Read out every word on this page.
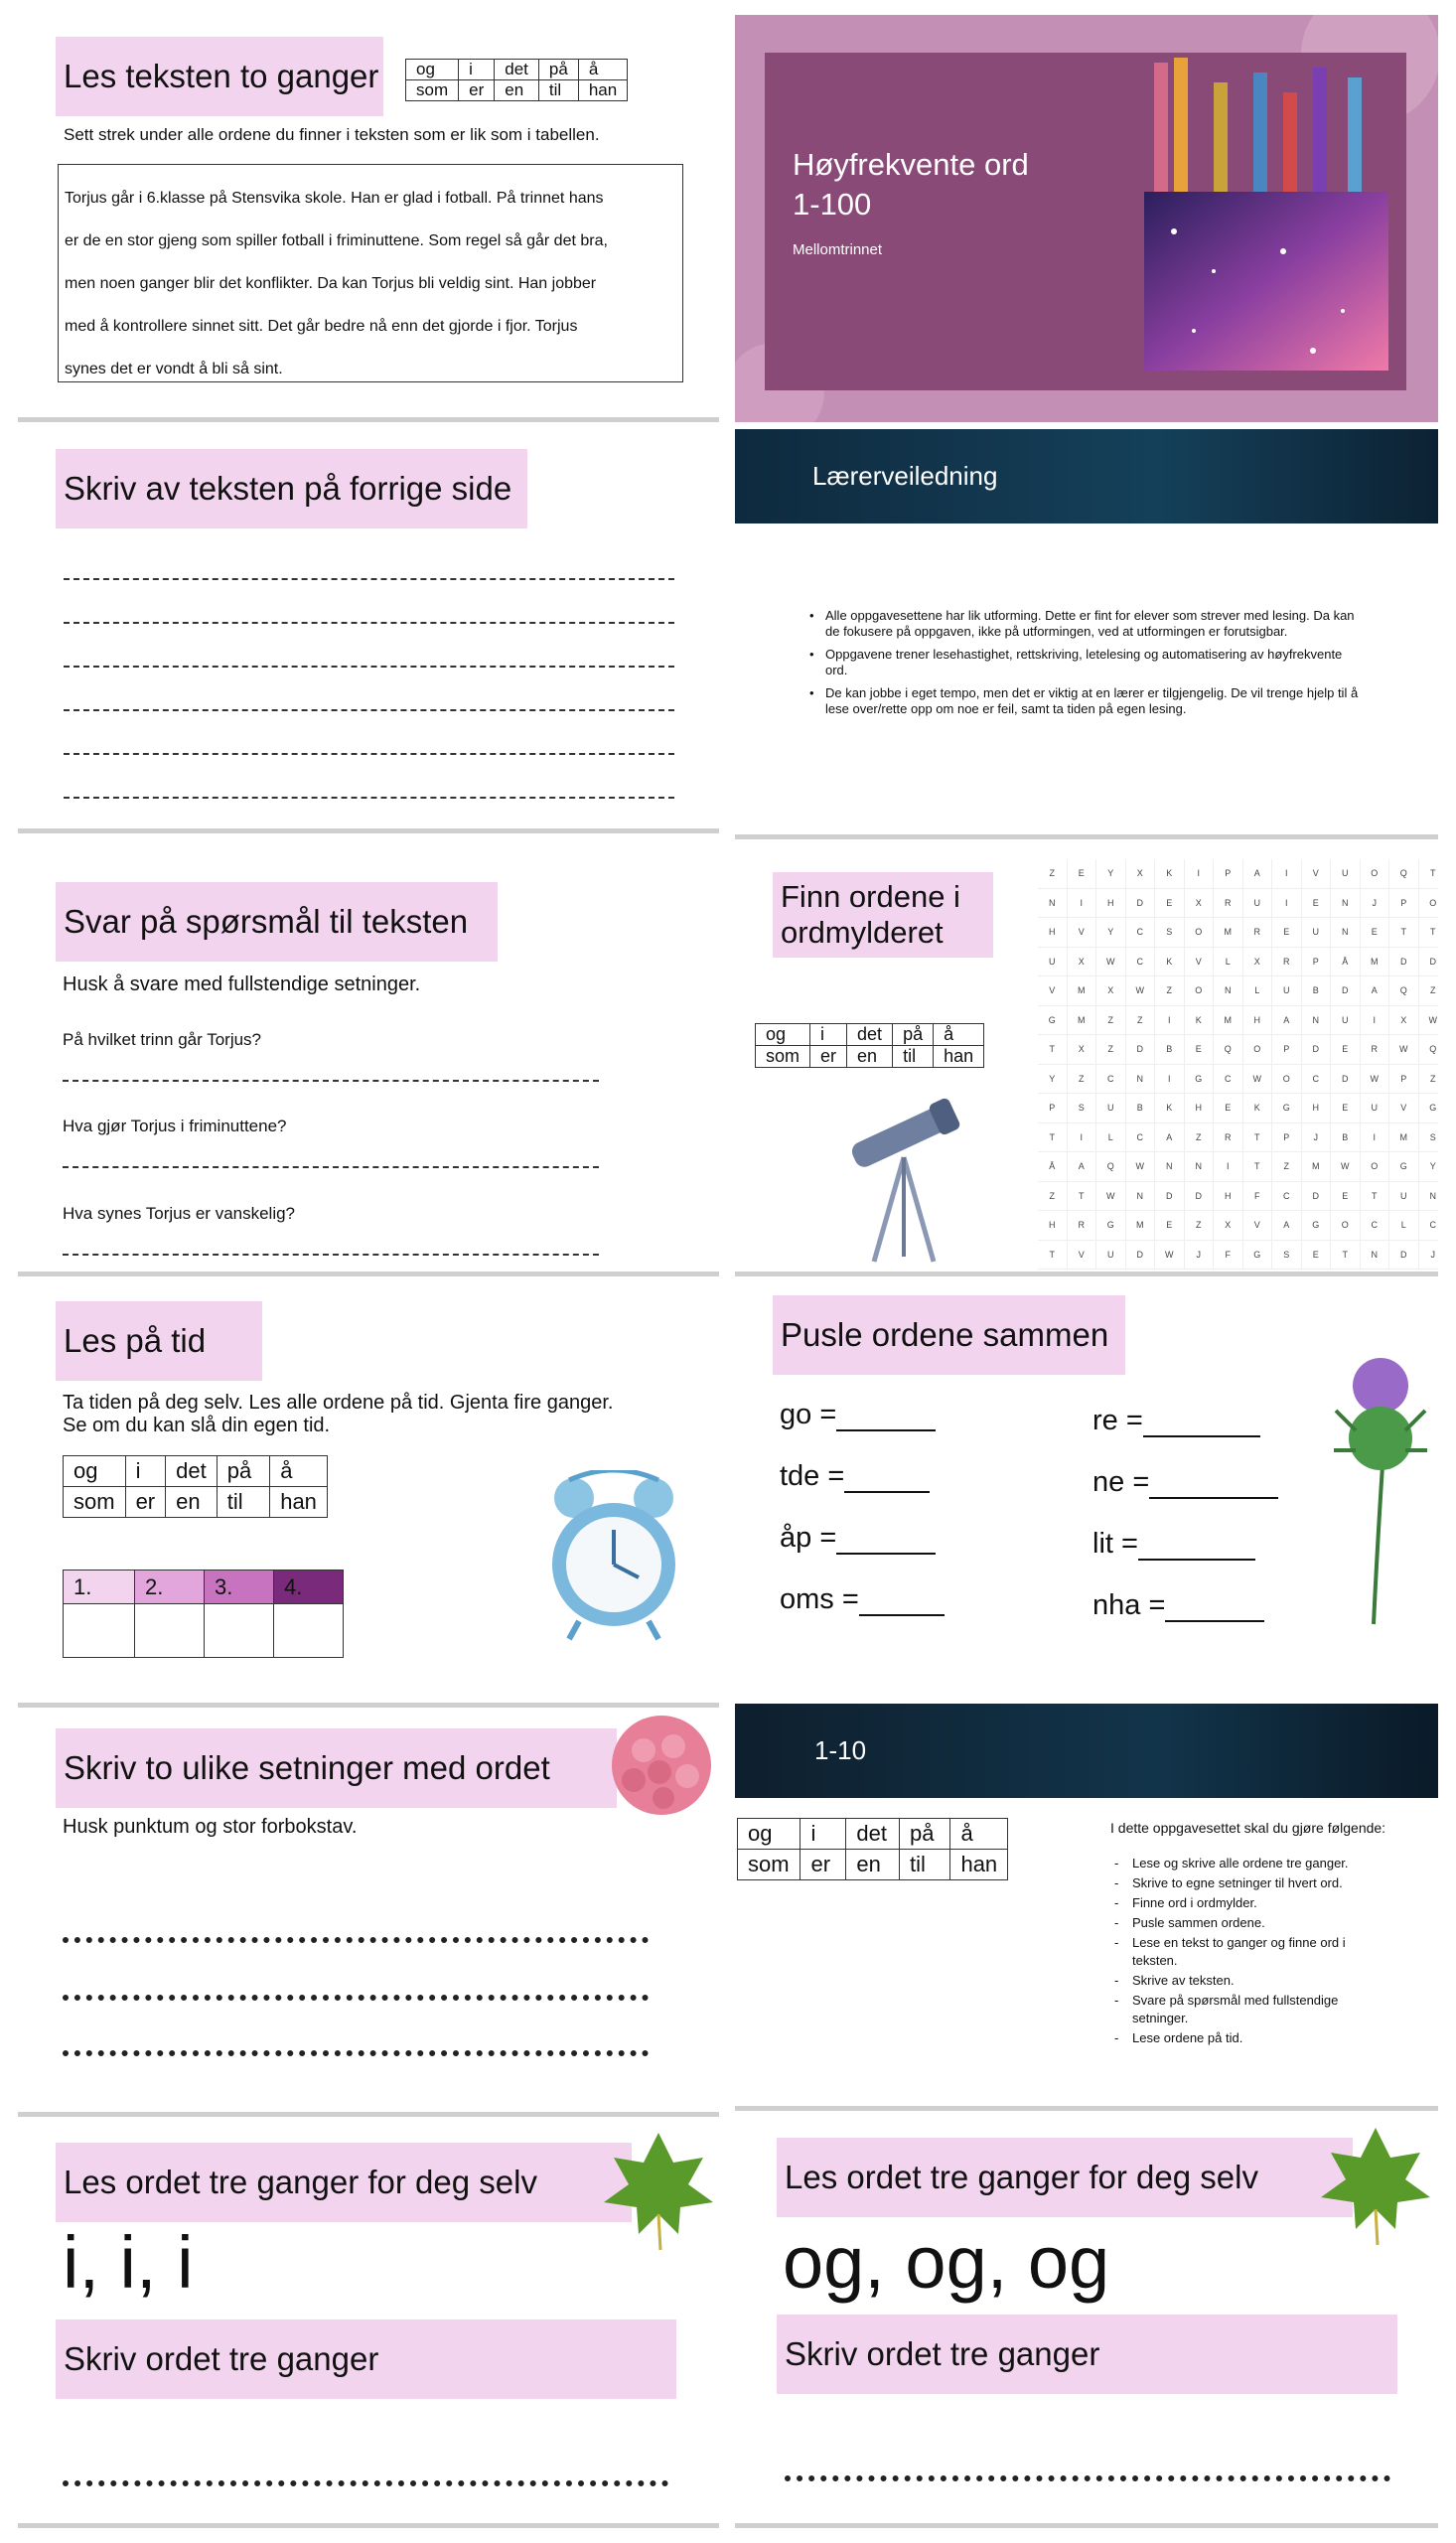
Les teksten to ganger og	i	det	på	å
som	er	en	til	han
Sett strek under alle ordene du finner i teksten som er lik som i tabellen.
Torjus går i 6.klasse på Stensvika skole. Han er glad i fotball. På trinnet hans
er de en stor gjeng som spiller fotball i friminuttene. Som regel så går det bra,
men noen ganger blir det konflikter. Da kan Torjus bli veldig sint. Han jobber
med å kontrollere sinnet sitt. Det går bedre nå enn det gjorde i fjor. Torjus
synes det er vondt å bli så sint.
Høyfrekvente ord
1-100
Mellomtrinnet
Skriv av teksten på forrige side	Lærerveiledning
• Alle oppgavesettene har lik utforming. Dette er fint for elever som strever med lesing. Da kan de fokusere på oppgaven, ikke på utformingen, ved at utformingen er forutsigbar.
• Oppgavene trener lesehastighet, rettskriving, letelesing og automatisering av høyfrekvente ord.
• De kan jobbe i eget tempo, men det er viktig at en lærer er tilgjengelig. De vil trenge hjelp til å lese over/rette opp om noe er feil, samt ta tiden på egen lesing.
Svar på spørsmål til teksten
Husk å svare med fullstendige setninger.
På hvilket trinn går Torjus?
Hva gjør Torjus i friminuttene?
Hva synes Torjus er vanskelig?
Finn ordene i
ordmylderet
og	i	det	på	å
som	er	en	til	han
Z	E	Y	X	K	I	P	A	I	V	U	O	Q	T
N	I	H	D	E	X	R	U	I	E	N	J	P	O
H	V	Y	C	S	O	M	R	E	U	N	E	T	T
U	X	W	C	K	V	L	X	R	P	Å	M	D	D
V	M	X	W	Z	O	N	L	U	B	D	A	Q	Z
G	M	Z	Z	I	K	M	H	A	N	U	I	X	W
T	X	Z	D	B	E	Q	O	P	D	E	R	W	Q
Y	Z	C	N	I	G	C	W	O	C	D	W	P	Z
P	S	U	B	K	H	E	K	G	H	E	U	V	G
T	I	L	C	A	Z	R	T	P	J	B	I	M	S
Å	A	Q	W	N	N	I	T	Z	M	W	O	G	Y
Z	T	W	N	D	D	H	F	C	D	E	T	U	N
H	R	G	M	E	Z	X	V	A	G	O	C	L	C
T	V	U	D	W	J	F	G	S	E	T	N	D	J
Les på tid
Ta tiden på deg selv. Les alle ordene på tid. Gjenta fire ganger.
Se om du kan slå din egen tid.
og	i	det	på	å
som	er	en	til	han
1.	2.	3.	4.

Pusle ordene sammen
go =
tde =
åp =
oms =
re =
ne =
lit =
nha =
Skriv to ulike setninger med ordet
Husk punktum og stor forbokstav.
1-10
og	i	det	på	å
som	er	en	til	han
I dette oppgavesettet skal du gjøre følgende:
- Lese og skrive alle ordene tre ganger.
- Skrive to egne setninger til hvert ord.
- Finne ord i ordmylder.
- Pusle sammen ordene.
- Lese en tekst to ganger og finne ord i teksten.
- Skrive av teksten.
- Svare på spørsmål med fullstendige setninger.
- Lese ordene på tid.
Les ordet tre ganger for deg selv
i, i, i
Skriv ordet tre ganger
Les ordet tre ganger for deg selv
og, og, og
Skriv ordet tre ganger
